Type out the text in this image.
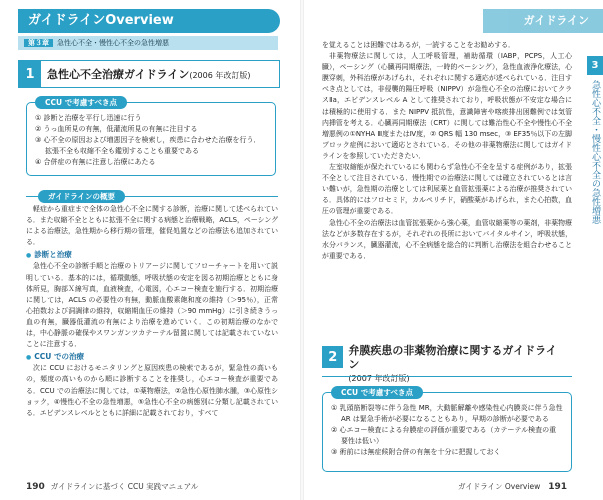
ガイドラインOverview
第３章 急性心不全・慢性心不全の急性増悪
1	急性心不全治療ガイドライン(2006 年改訂版)
CCU で考慮すべき点
① 診断と治療を平行し迅速に行う
② うっ血所見の有無，低灌流所見の有無に注目する
③ 心不全の原因および増悪因子を検索し，疾患に合わせた治療を行う．拡張不全も収縮不全も鑑別することも重要である
④ 合併症の有無に注意し治療にあたる
ガイドラインの概要

軽症から重症まで全体の急性心不全に関する診断，治療に関して述べられている．また収縮不全とともに拡張不全に関する病態と治療戦略，ACLS，ペーシングによる治療法，急性期から移行期の管理，催促処置などの治療法も追加されている．

● 診断と治療

急性心不全の診断手順と治療のトリアージに関してフローチャートを用いて説明している．基本的には，循環動態，呼吸状態の安定を図る初期治療とともに身体所見，胸部Ｘ線写真，血液検査，心電図，心エコー検査を施行する．初期治療に関しては，ACLS の必要性の有無，動脈血酸素飽和度の維持（＞95％），正常心拍数および洞調律の維持，収縮期血圧の維持（＞90 mmHg）に引き続きうっ血の有無，臓器低灌流の有無により治療を進めていく．この初期治療のなかでは，中心静脈の確保やスワンガンツカテーテル留置に関しては記載されていないことに注意する．

● CCU での治療

次に CCU におけるモニタリングと原因疾患の検索であるが，緊急性の高いもの，頻度の高いものから順に診断することを推奨し，心エコー検査が重要である．CCU での治療法に関しては，①薬物療法，②急性心原性肺水腫，③心原性ショック，④慢性心不全の急性増悪，⑤急性心不全の病態別に分類し記載されている．エビデンスレベルとともに詳細に記載されており，すべて

190 ガイドラインに基づく CCU 実践マニュアル
ガイドラインOverview

を覚えることは困難ではあるが，一読することをお勧めする．

非薬物療法に関しては，人工呼吸管理，補助循環（IABP，PCPS，人工心臓），ペーシング（心臓再同期療法，一時的ペーシング），急性血液浄化療法，心膜穿刺，外科治療があげられ，それぞれに関する適応が述べられている．注目すべき点としては，非侵襲的陽圧呼吸（NIPPV）が急性心不全の治療においてクラスⅡa，エビデンスレベル A として推奨されており，呼吸状態が不安定な場合には積極的に使用する．また NIPPV 抵抗性，意識障害や喀痰排出困難例では気管内挿管を考える．心臓再同期療法（CRT）に関しては難治性心不全や慢性心不全増悪例の①NYHA Ⅲ度またはⅣ度，② QRS 幅 130 msec，③ EF35％以下の左脚ブロック症例において適応とされている．その他の非薬物療法に関してはガイドラインを参照していただきたい．

左室収縮能が保たれているにも関わらず急性心不全を呈する症例があり，拡張不全として注目されている．慢性期での治療法に関しては確立されているとは言い難いが，急性期の治療としては利尿薬と血管拡張薬による治療が推奨されている．具体的にはフロセミド，カルペリチド，硝酸薬があげられ，また心拍数，血圧の管理が重要である．

急性心不全の治療法は血管拡張薬から強心薬，血管収縮薬等の薬剤，非薬物療法などが多数存在するが，それぞれの長所においてバイタルサイン，呼吸状態，水分バランス，臓器灌流，心不全病態を総合的に判断し治療法を組合わせることが重要である．

3
急性心不全・慢性心不全の急性増悪
2	弁膜疾患の非薬物治療に関するガイドライン
(2007 年改訂版)
CCU で考慮すべき点
① 乳頭筋断裂等に伴う急性 MR，大動脈解離や感染性心内膜炎に伴う急性 AR は緊急手術が必要になることもあり，早期の診断が必要である
② 心エコー検査による弁膜症の評価が重要である（カテーテル検査の重要性は低い）
③ 術前には無症候附合併の有無を十分に把握しておく
ガイドライン Overview 191
